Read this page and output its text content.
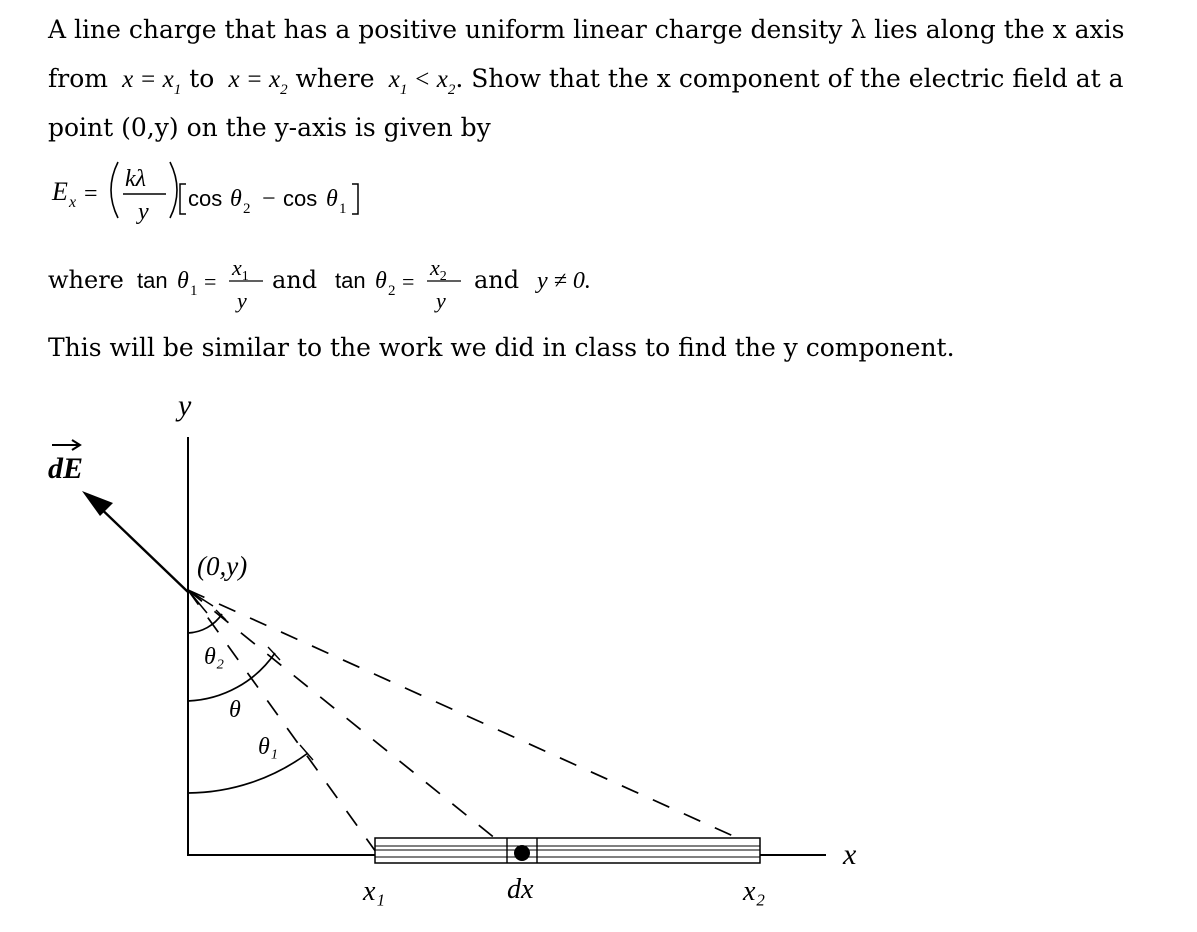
A line charge that has a positive uniform linear charge density λ lies along the x axis
from  $x = x_1$ to  $x = x_2$ where  $x_1 < x_2$. Show that the x component of the electric field at a
point (0,y) on the y-axis is given by
E x =
kλ
y
cos θ 2 − cos θ 1
where tan θ 1 =
$x_1$
y
and tan θ 2 =
$x_2$
y
and y ≠ 0.
This will be similar to the work we did in class to find the y component.
y
x
dE
(0,y)
θ₂
θ
θ₁
x₁	dx	x₂
